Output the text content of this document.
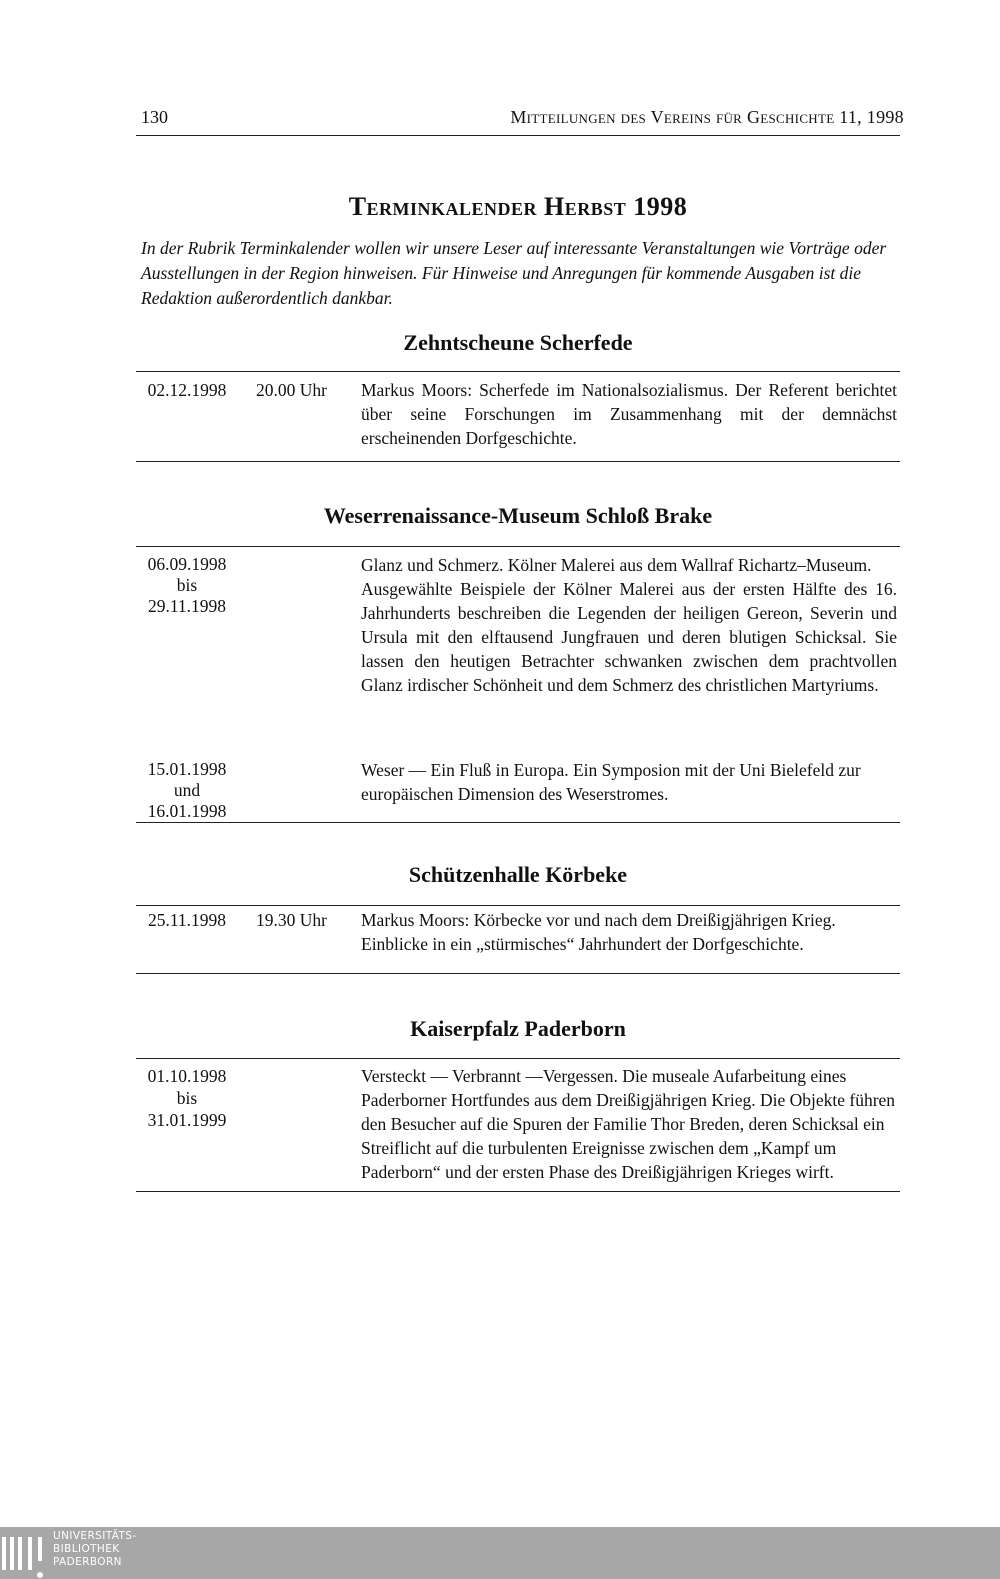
130	Mitteilungen des Vereins für Geschichte 11, 1998
Terminkalender Herbst 1998
In der Rubrik Terminkalender wollen wir unsere Leser auf interessante Veranstaltungen wie Vorträge oder Ausstellungen in der Region hinweisen. Für Hinweise und Anregungen für kommende Ausgaben ist die Redaktion außerordentlich dankbar.
Zehntscheune Scherfede
02.12.1998	20.00 Uhr Markus Moors: Scherfede im Nationalsozialismus. Der Referent berichtet über seine Forschungen im Zusammenhang mit der demnächst erscheinenden Dorfgeschichte.
Weserrenaissance-Museum Schloß Brake
06.09.1998
bis
29.11.1998

Glanz und Schmerz. Kölner Malerei aus dem Wallraf Richartz–Museum.

Ausgewählte Beispiele der Kölner Malerei aus der ersten Hälfte des 16. Jahrhunderts beschreiben die Legenden der heiligen Gereon, Severin und Ursula mit den elftausend Jungfrauen und deren blutigen Schicksal. Sie lassen den heutigen Betrachter schwanken zwischen dem prachtvollen Glanz irdischer Schönheit und dem Schmerz des christlichen Martyriums.

15.01.1998
und
16.01.1998
Weser — Ein Fluß in Europa. Ein Symposion mit der Uni Bielefeld zur europäischen Dimension des Weserstromes.
Schützenhalle Körbeke
25.11.1998	19.30 Uhr Markus Moors: Körbecke vor und nach dem Dreißigjährigen Krieg. Einblicke in ein „stürmisches“ Jahrhundert der Dorfgeschichte.
Kaiserpfalz Paderborn
01.10.1998
bis
31.01.1999
Versteckt — Verbrannt —Vergessen. Die museale Aufarbeitung eines Paderborner Hortfundes aus dem Dreißigjährigen Krieg. Die Objekte führen den Besucher auf die Spuren der Familie Thor Breden, deren Schicksal ein Streiflicht auf die turbulenten Ereignisse zwischen dem „Kampf um Paderborn“ und der ersten Phase des Dreißigjährigen Krieges wirft.
UNIVERSITÄTS-
BIBLIOTHEK
PADERBORN
